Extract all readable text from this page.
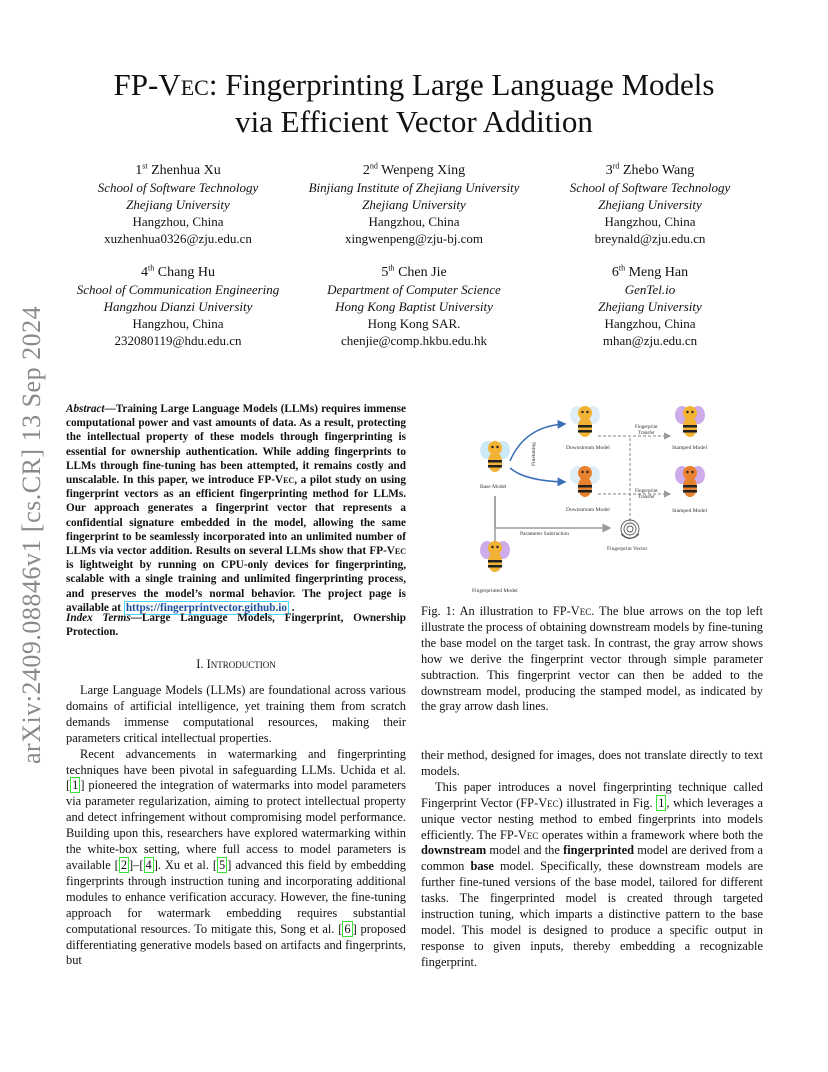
arXiv:2409.08846v1 [cs.CR] 13 Sep 2024
FP-Vec: Fingerprinting Large Language Models
via Efficient Vector Addition
1st Zhenhua Xu
School of Software Technology
Zhejiang University
Hangzhou, China
xuzhenhua0326@zju.edu.cn
2nd Wenpeng Xing
Binjiang Institute of Zhejiang University
Zhejiang University
Hangzhou, China
xingwenpeng@zju-bj.com
3rd Zhebo Wang
School of Software Technology
Zhejiang University
Hangzhou, China
breynald@zju.edu.cn
4th Chang Hu
School of Communication Engineering
Hangzhou Dianzi University
Hangzhou, China
232080119@hdu.edu.cn
5th Chen Jie
Department of Computer Science
Hong Kong Baptist University
Hong Kong SAR.
chenjie@comp.hkbu.edu.hk
6th Meng Han
GenTel.io
Zhejiang University
Hangzhou, China
mhan@zju.edu.cn
Abstract—Training Large Language Models (LLMs) requires immense computational power and vast amounts of data. As a result, protecting the intellectual property of these models through fingerprinting is essential for ownership authentication. While adding fingerprints to LLMs through fine-tuning has been attempted, it remains costly and unscalable. In this paper, we introduce FP-Vec, a pilot study on using fingerprint vectors as an efficient fingerprinting method for LLMs. Our approach generates a fingerprint vector that represents a confidential signature embedded in the model, allowing the same fingerprint to be seamlessly incorporated into an unlimited number of LLMs via vector addition. Results on several LLMs show that FP-Vec is lightweight by running on CPU-only devices for fingerprinting, scalable with a single training and unlimited fingerprinting process, and preserves the model’s normal behavior. The project page is available at https://fingerprintvector.github.io .
Index Terms—Large Language Models, Fingerprint, Ownership Protection.
I. Introduction

Large Language Models (LLMs) are foundational across various domains of artificial intelligence, yet training them from scratch demands immense computational resources, making their parameters critical intellectual properties.

Recent advancements in watermarking and fingerprinting techniques have been pivotal in safeguarding LLMs. Uchida et al. [ 1 ] pioneered the integration of watermarks into model parameters via parameter regularization, aiming to protect intellectual property and detect infringement without compromising model performance. Building upon this, researchers have explored watermarking within the white-box setting, where full access to model parameters is available [ 2 ]–[ 4 ]. Xu et al. [ 5 ] advanced this field by embedding fingerprints through instruction tuning and incorporating additional modules to enhance verification accuracy. However, the fine-tuning approach for watermark embedding requires substantial computational resources. To mitigate this, Song et al. [ 6 ] proposed differentiating generative models based on artifacts and fingerprints, but

Finetuning
Base Model
Downstream Model
Downstream Model
Fingerprint
Transfer
Fingerprint
Transfer
Stamped Model
Stamped Model
Parameter Subtraction
Fingerprint Vector
Fingerprinted Model
Fig. 1: An illustration to FP-Vec. The blue arrows on the top left illustrate the process of obtaining downstream models by fine-tuning the base model on the target task. In contrast, the gray arrow shows how we derive the fingerprint vector through simple parameter subtraction. This fingerprint vector can then be added to the downstream model, producing the stamped model, as indicated by the gray arrow dash lines.
their method, designed for images, does not translate directly to text models.

This paper introduces a novel fingerprinting technique called Fingerprint Vector (FP-Vec) illustrated in Fig. 1 , which leverages a unique vector nesting method to embed fingerprints into models efficiently. The FP-Vec operates within a framework where both the downstream model and the fingerprinted model are derived from a common base model. Specifically, these downstream models are further fine-tuned versions of the base model, tailored for different tasks. The fingerprinted model is created through targeted instruction tuning, which imparts a distinctive pattern to the base model. This model is designed to produce a specific output in response to given inputs, thereby embedding a recognizable fingerprint.
